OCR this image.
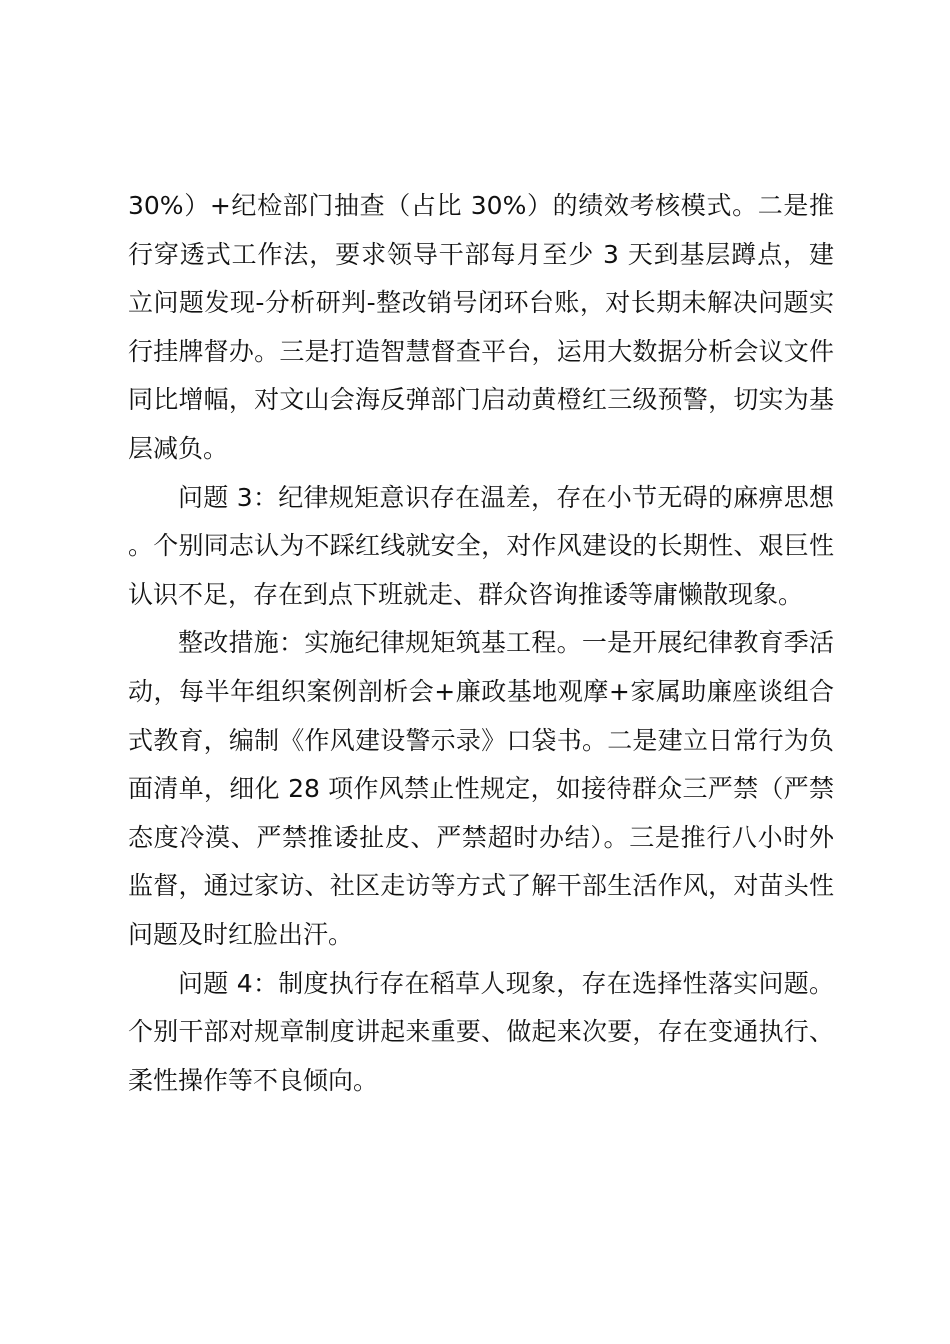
30%）+纪检部门抽查（占比 30%）的绩效考核模式。二是推行穿透式工作法，要求领导干部每月至少 3 天到基层蹲点，建立问题发现-分析研判-整改销号闭环台账，对长期未解决问题实行挂牌督办。三是打造智慧督查平台，运用大数据分析会议文件同比增幅，对文山会海反弹部门启动黄橙红三级预警，切实为基层减负。

问题 3：纪律规矩意识存在温差，存在小节无碍的麻痹思想。个别同志认为不踩红线就安全，对作风建设的长期性、艰巨性认识不足，存在到点下班就走、群众咨询推诿等庸懒散现象。

整改措施：实施纪律规矩筑基工程。一是开展纪律教育季活动，每半年组织案例剖析会+廉政基地观摩+家属助廉座谈组合式教育，编制《作风建设警示录》口袋书。二是建立日常行为负面清单，细化 28 项作风禁止性规定，如接待群众三严禁（严禁态度冷漠、严禁推诿扯皮、严禁超时办结）。三是推行八小时外监督，通过家访、社区走访等方式了解干部生活作风，对苗头性问题及时红脸出汗。

问题 4：制度执行存在稻草人现象，存在选择性落实问题。个别干部对规章制度讲起来重要、做起来次要，存在变通执行、柔性操作等不良倾向。
